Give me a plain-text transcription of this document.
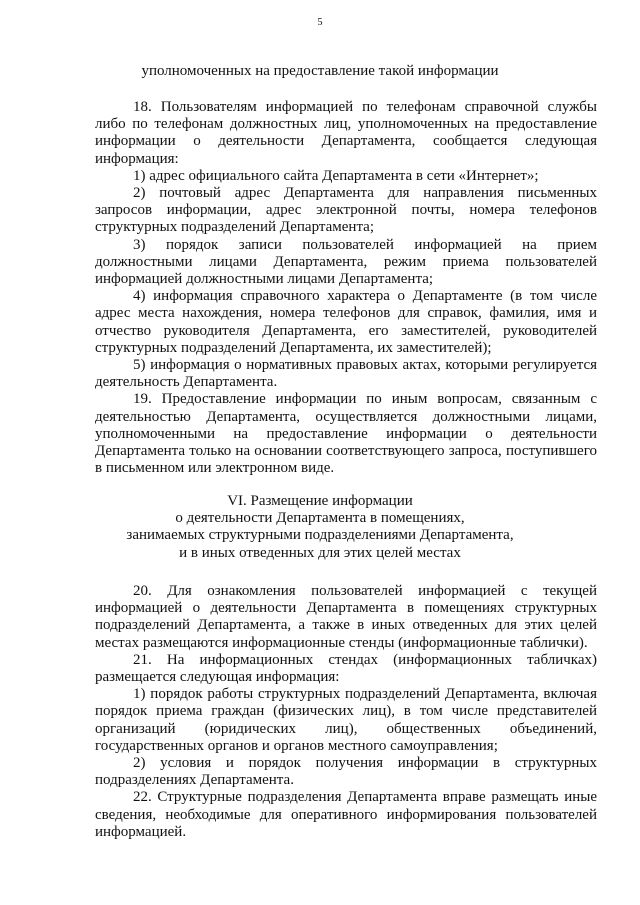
5
уполномоченных на предоставление такой информации

18. Пользователям информацией по телефонам справочной службы либо по телефонам должностных лиц, уполномоченных на предоставление информации о деятельности Департамента, сообщается следующая информация:

1) адрес официального сайта Департамента в сети «Интернет»;

2) почтовый адрес Департамента для направления письменных запросов информации, адрес электронной почты, номера телефонов структурных подразделений Департамента;

3) порядок записи пользователей информацией на прием должностными лицами Департамента, режим приема пользователей информацией должностными лицами Департамента;

4) информация справочного характера о Департаменте (в том числе адрес места нахождения, номера телефонов для справок, фамилия, имя и отчество руководителя Департамента, его заместителей, руководителей структурных подразделений Департамента, их заместителей);

5) информация о нормативных правовых актах, которыми регулируется деятельность Департамента.

19. Предоставление информации по иным вопросам, связанным с деятельностью Департамента, осуществляется должностными лицами, уполномоченными на предоставление информации о деятельности Департамента только на основании соответствующего запроса, поступившего в письменном или электронном виде.

VI. Размещение информации
о деятельности Департамента в помещениях,
занимаемых структурными подразделениями Департамента,
и в иных отведенных для этих целей местах

20. Для ознакомления пользователей информацией с текущей информацией о деятельности Департамента в помещениях структурных подразделений Департамента, а также в иных отведенных для этих целей местах размещаются информационные стенды (информационные таблички).

21. На информационных стендах (информационных табличках) размещается следующая информация:

1) порядок работы структурных подразделений Департамента, включая порядок приема граждан (физических лиц), в том числе представителей организаций (юридических лиц), общественных объединений, государственных органов и органов местного самоуправления;

2) условия и порядок получения информации в структурных подразделениях Департамента.

22. Структурные подразделения Департамента вправе размещать иные сведения, необходимые для оперативного информирования пользователей информацией.
